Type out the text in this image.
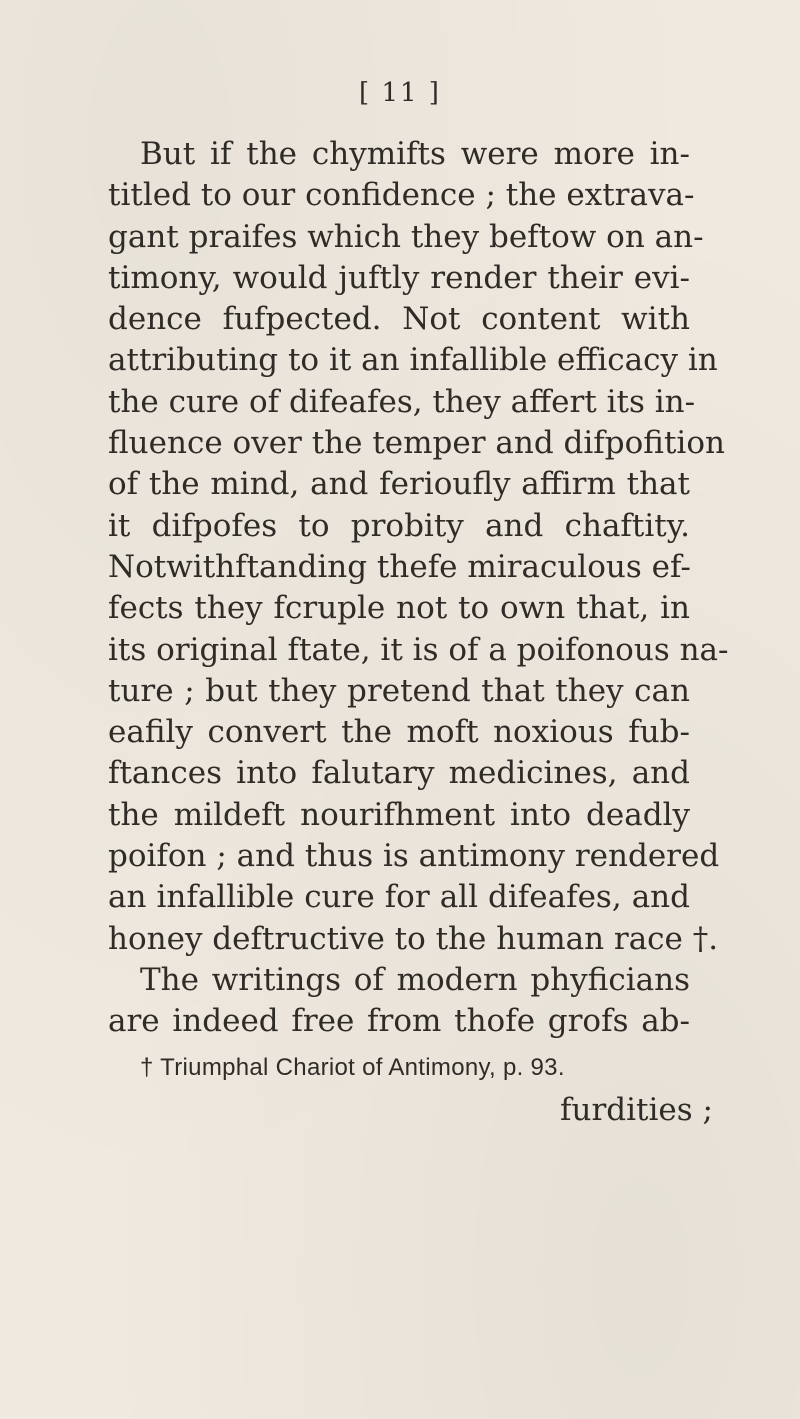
[ 11 ]
But if the chymifts were more in-
titled to our confidence ; the extrava-
gant praifes which they beftow on an-
timony, would juftly render their evi-
dence fufpected. Not content with
attributing to it an infallible efficacy in
the cure of difeafes, they affert its in-
fluence over the temper and difpofition
of the mind, and ferioufly affirm that
it difpofes to probity and chaftity.
Notwithftanding thefe miraculous ef-
fects they fcruple not to own that, in
its original ftate, it is of a poifonous na-
ture ; but they pretend that they can
eafily convert the moft noxious fub-
ftances into falutary medicines, and
the mildeft nourifhment into deadly
poifon ; and thus is antimony rendered
an infallible cure for all difeafes, and
honey deftructive to the human race †.
The writings of modern phyficians
are indeed free from thofe grofs ab-
† Triumphal Chariot of Antimony, p. 93.
furdities ;
